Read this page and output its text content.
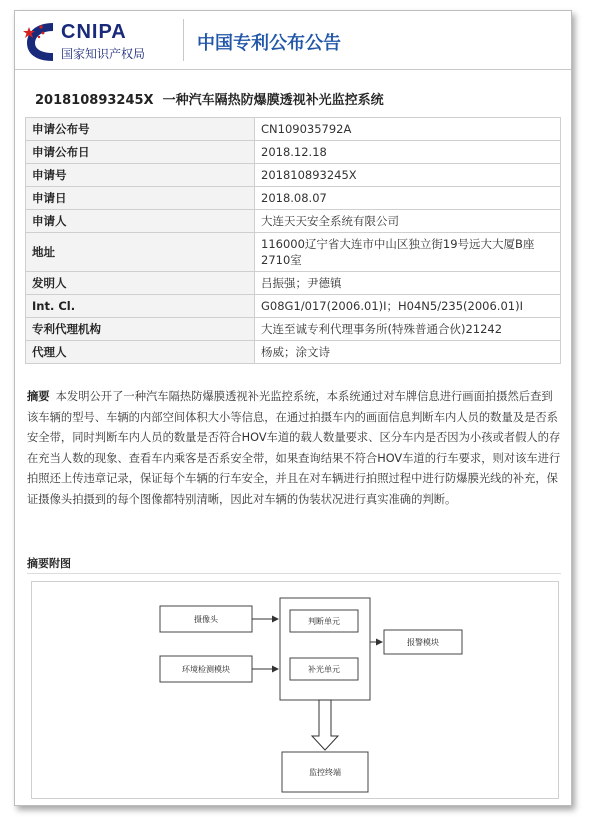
CNIPA
国家知识产权局	中国专利公布公告
201810893245X 一种汽车隔热防爆膜透视补光监控系统
申请公布号	CN109035792A
申请公布日	2018.12.18
申请号	201810893245X
申请日	2018.08.07
申请人	大连天天安全系统有限公司
地址	116000辽宁省大连市中山区独立街19号远大大厦B座2710室
发明人	吕振强；尹德镇
Int. Cl.	G08G1/017(2006.01)I；H04N5/235(2006.01)I
专利代理机构	大连至诚专利代理事务所(特殊普通合伙)21242
代理人	杨威；涂文诗
摘要 本发明公开了一种汽车隔热防爆膜透视补光监控系统，本系统通过对车牌信息进行画面拍摄然后查到该车辆的型号、车辆的内部空间体积大小等信息，在通过拍摄车内的画面信息判断车内人员的数量及是否系安全带，同时判断车内人员的数量是否符合HOV车道的载人数量要求、区分车内是否因为小孩或者假人的存在充当人数的现象、查看车内乘客是否系安全带，如果查询结果不符合HOV车道的行车要求，则对该车进行拍照还上传违章记录，保证每个车辆的行车安全，并且在对车辆进行拍照过程中进行防爆膜光线的补充，保证摄像头拍摄到的每个图像都特别清晰，因此对车辆的伪装状况进行真实准确的判断。
摘要附图
摄像头
环境检测模块
判断单元
补光单元
报警模块
监控终端
